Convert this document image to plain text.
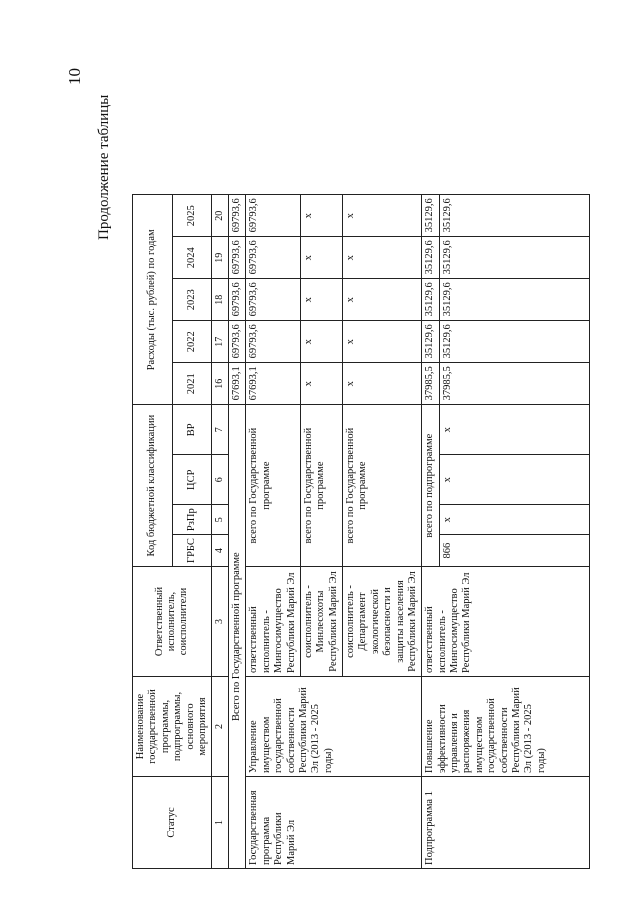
10
Продолжение таблицы
Статус	Наименование государственной программы, подпрограммы, основного мероприятия	Ответственный исполнитель, соисполнители	Код бюджетной классификации				Расходы (тыс. рублей) по годам				
			ГРБС	РзПр	ЦСР	ВР	2021	2022	2023	2024	2025
1	2	3	4	5	6	7	16	17	18	19	20
Всего по Государственной программе							67693,1	69793,6	69793,6	69793,6	69793,6
Государственная программа Республики Марий Эл	Управление имуществом государственной собственности Республики Марий Эл (2013 - 2025 годы)	ответственный исполнитель - Мингосимущество Республики Марий Эл	всего по Государственной программе				67693,1	69793,6	69793,6	69793,6	69793,6
		соисполнитель - Минлесохоты Республики Марий Эл	всего по Государственной программе				х	х	х	х	х
		соисполнитель - Департамент экологической безопасности и защиты населения Республики Марий Эл	всего по Государственной программе				х	х	х	х	х
Подпрограмма 1	Повышение эффективности управления и распоряжения имуществом государственной собственности Республики Марий Эл (2013 - 2025 годы)	ответственный исполнитель - Мингосимущество Республики Марий Эл	всего по подпрограмме				37985,5	35129,6	35129,6	35129,6	35129,6
			866	х	х	х	37985,5	35129,6	35129,6	35129,6	35129,6
